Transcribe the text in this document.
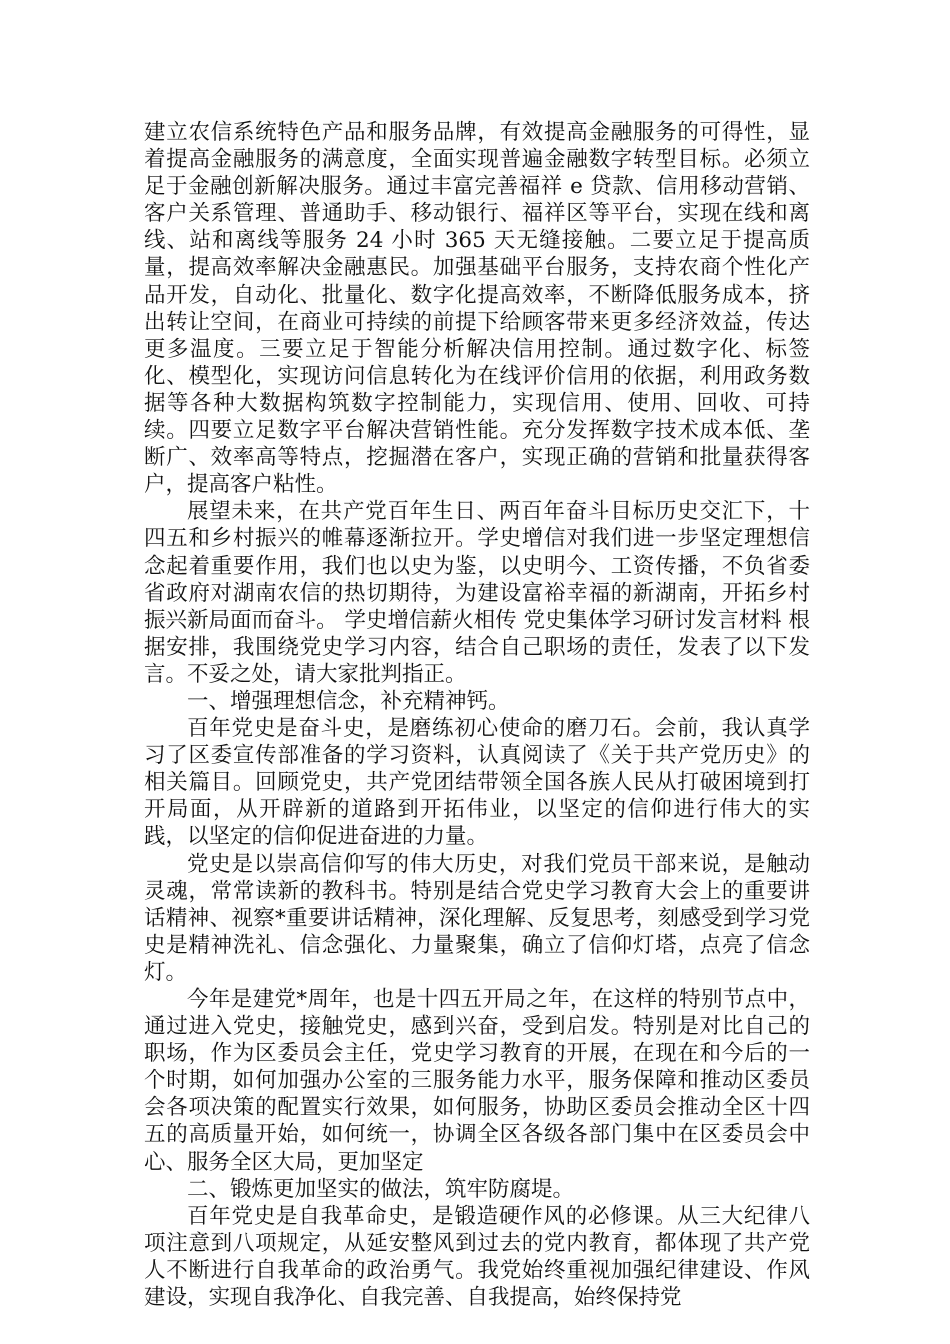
建立农信系统特色产品和服务品牌，有效提高金融服务的可得性，显着提高金融服务的满意度，全面实现普遍金融数字转型目标。必须立足于金融创新解决服务。通过丰富完善福祥 e 贷款、信用移动营销、客户关系管理、普通助手、移动银行、福祥区等平台，实现在线和离线、站和离线等服务 24 小时 365 天无缝接触。二要立足于提高质量，提高效率解决金融惠民。加强基础平台服务，支持农商个性化产品开发，自动化、批量化、数字化提高效率，不断降低服务成本，挤出转让空间，在商业可持续的前提下给顾客带来更多经济效益，传达更多温度。三要立足于智能分析解决信用控制。通过数字化、标签化、模型化，实现访问信息转化为在线评价信用的依据，利用政务数据等各种大数据构筑数字控制能力，实现信用、使用、回收、可持续。四要立足数字平台解决营销性能。充分发挥数字技术成本低、垄断广、效率高等特点，挖掘潜在客户，实现正确的营销和批量获得客户，提高客户粘性。

展望未来，在共产党百年生日、两百年奋斗目标历史交汇下，十四五和乡村振兴的帷幕逐渐拉开。学史增信对我们进一步坚定理想信念起着重要作用，我们也以史为鉴，以史明今、工资传播，不负省委省政府对湖南农信的热切期待，为建设富裕幸福的新湖南，开拓乡村振兴新局面而奋斗。 学史增信薪火相传 党史集体学习研讨发言材料 根据安排，我围绕党史学习内容，结合自己职场的责任，发表了以下发言。不妥之处，请大家批判指正。

一、增强理想信念，补充精神钙。

百年党史是奋斗史，是磨练初心使命的磨刀石。会前，我认真学习了区委宣传部准备的学习资料，认真阅读了《关于共产党历史》的相关篇目。回顾党史，共产党团结带领全国各族人民从打破困境到打开局面，从开辟新的道路到开拓伟业，以坚定的信仰进行伟大的实践，以坚定的信仰促进奋进的力量。

党史是以崇高信仰写的伟大历史，对我们党员干部来说，是触动灵魂，常常读新的教科书。特别是结合党史学习教育大会上的重要讲话精神、视察*重要讲话精神，深化理解、反复思考，刻感受到学习党史是精神洗礼、信念强化、力量聚集，确立了信仰灯塔，点亮了信念灯。

今年是建党*周年，也是十四五开局之年，在这样的特别节点中，通过进入党史，接触党史，感到兴奋，受到启发。特别是对比自己的职场，作为区委员会主任，党史学习教育的开展，在现在和今后的一个时期，如何加强办公室的三服务能力水平，服务保障和推动区委员会各项决策的配置实行效果，如何服务，协助区委员会推动全区十四五的高质量开始，如何统一，协调全区各级各部门集中在区委员会中心、服务全区大局，更加坚定

二、锻炼更加坚实的做法，筑牢防腐堤。

百年党史是自我革命史，是锻造硬作风的必修课。从三大纪律八项注意到八项规定，从延安整风到过去的党内教育，都体现了共产党人不断进行自我革命的政治勇气。我党始终重视加强纪律建设、作风建设，实现自我净化、自我完善、自我提高，始终保持党
